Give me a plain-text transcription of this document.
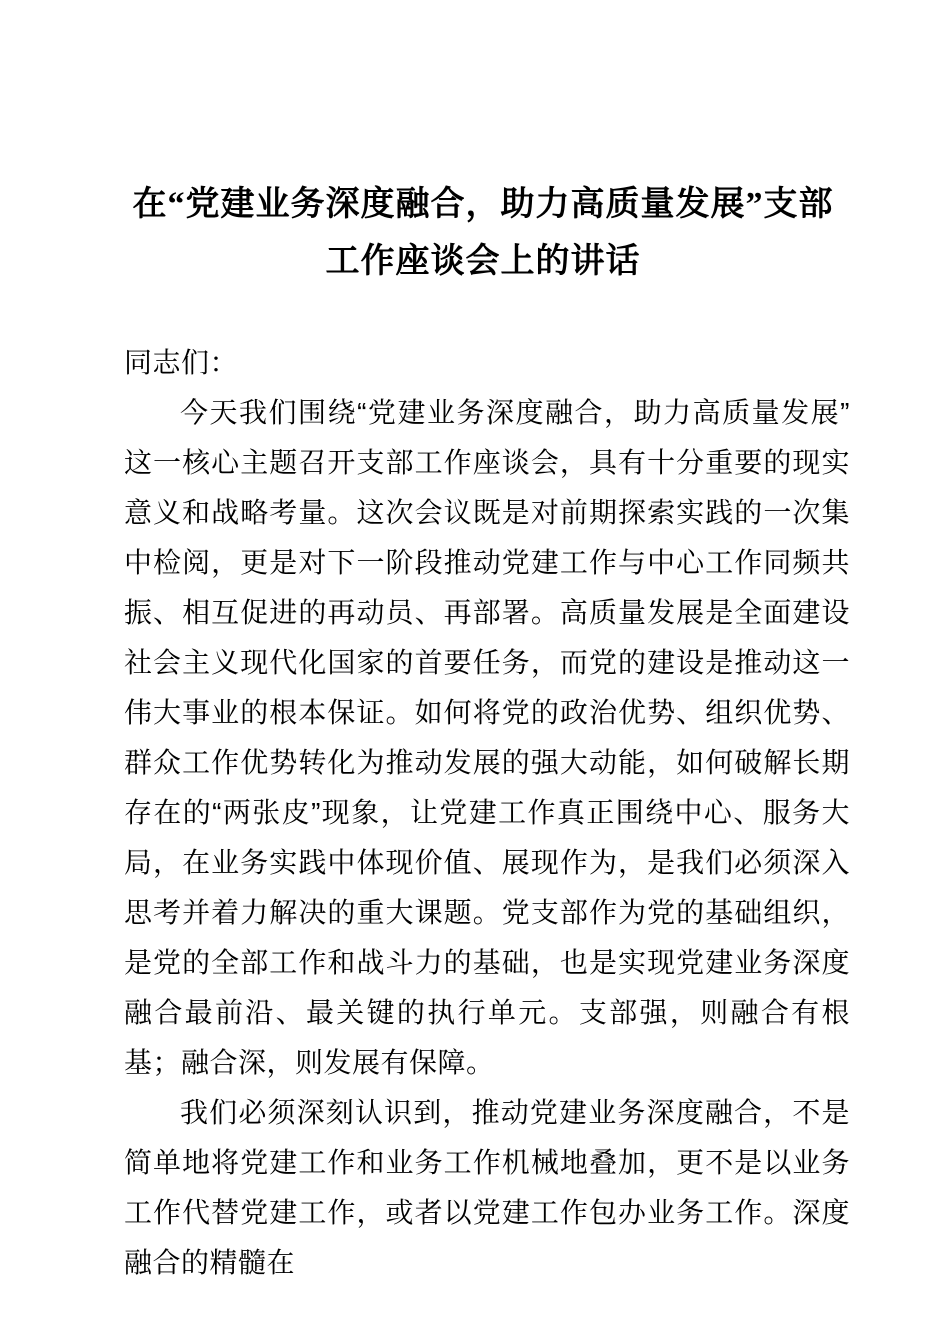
在“党建业务深度融合，助力高质量发展”支部
工作座谈会上的讲话

同志们：

今天我们围绕“党建业务深度融合，助力高质量发展”这一核心主题召开支部工作座谈会，具有十分重要的现实意义和战略考量。这次会议既是对前期探索实践的一次集中检阅，更是对下一阶段推动党建工作与中心工作同频共振、相互促进的再动员、再部署。高质量发展是全面建设社会主义现代化国家的首要任务，而党的建设是推动这一伟大事业的根本保证。如何将党的政治优势、组织优势、群众工作优势转化为推动发展的强大动能，如何破解长期存在的“两张皮”现象，让党建工作真正围绕中心、服务大局，在业务实践中体现价值、展现作为，是我们必须深入思考并着力解决的重大课题。党支部作为党的基础组织，是党的全部工作和战斗力的基础，也是实现党建业务深度融合最前沿、最关键的执行单元。支部强，则融合有根基；融合深，则发展有保障。

我们必须深刻认识到，推动党建业务深度融合，不是简单地将党建工作和业务工作机械地叠加，更不是以业务工作代替党建工作，或者以党建工作包办业务工作。深度融合的精髓在
